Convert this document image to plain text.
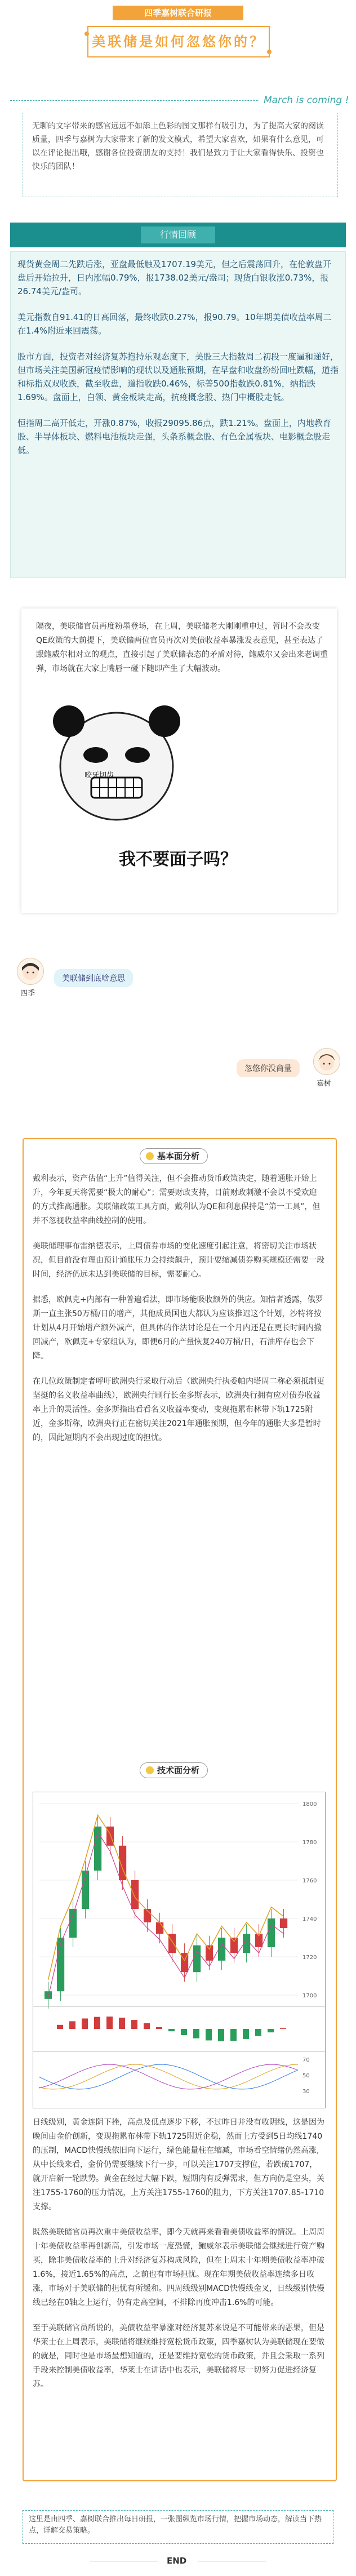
四季嘉树联合研报
美联储是如何忽悠你的？
March is coming !
无聊的文字带来的感官远远不如添上色彩的图文那样有吸引力，为了提高大家的阅读质量，四季与嘉树为大家带来了新的发文模式，希望大家喜欢，如果有什么意见，可以在评论提出哦，感谢各位投资朋友的支持！我们是致力于让大家看得快乐、投资也快乐的团队！
行情回顾

现货黄金周二先跌后涨，亚盘最低触及1707.19美元，但之后震荡回升，在伦敦盘开盘后开始拉升，日内涨幅0.79%，报1738.02美元/盎司；现货白银收涨0.73%，报26.74美元/盎司。

美元指数自91.41的日高回落，最终收跌0.27%，报90.79。10年期美债收益率周二在1.4%附近来回震荡。

股市方面，投资者对经济复苏抱持乐观态度下，美股三大指数周二初段一度逼和递好，但市场关注美国新冠疫情影响的现状以及通胀预期，在早盘和收盘纷纷回吐跌幅，道指和标指双双收跌，截至收盘，道指收跌0.46%，标普500指数跌0.81%，纳指跌1.69%。盘面上，白领、黄金板块走高，抗疫概念股、热门中概股走低。

恒指周二高开低走，开涨0.87%，收报29095.86点，跌1.21%。盘面上，内地教育股、半导体板块、燃料电池板块走强，头条系概念股、有色金属板块、电影概念股走低。

隔夜，美联储官员再度粉墨登场，在上周，美联储老大刚刚重申过，暂时不会改变QE政策的大前提下，美联储两位官员再次对美债收益率暴涨发表意见，甚至表达了跟鲍威尔相对立的观点，直接引起了美联储表态的矛盾对待，鲍威尔又会出来老调重弹，市场就在大家上嘴唇一碰下随即产生了大幅波动。
咬牙切齿
我不要面子吗？
四季
美联储到底啥意思
嘉树
忽悠你没商量
基本面分析

戴利表示，资产估值“上升”值得关注，但不会推动货币政策决定，随着通胀开始上升，今年夏天将需要“极大的耐心”；需要财政支持，目前财政刺激不会以不受欢迎的方式推高通胀。美联储政策工具方面，戴利认为QE和利息保持是“第一工具”，但并不忽视收益率曲线控制的使用。

美联储理事布雷纳德表示，上周债券市场的变化速度引起注意，将密切关注市场状况，但目前没有理由预计通胀压力会持续飙升，预计要缩减债券购买规模还需要一段时间，经济仍远未达到美联储的目标，需要耐心。

据悉，欧佩克+内部有一种普遍看法，即市场能吸收额外的供应。知情者透露，俄罗斯一直主张50万桶/日的增产，其他成员国也大都认为应该推迟这个计划，沙特将按计划从4月开始增产额外减产，但具体的作法讨论是在一个月内还是在更长时间内撤回减产，欧佩克+专家组认为，即便6月的产量恢复240万桶/日，石油库存也会下降。

在几位政策制定者呼吁欧洲央行采取行动后（欧洲央行执委帕内塔周二称必须抵制更坚挺的名义收益率曲线），欧洲央行刷行长金多斯表示，欧洲央行拥有应对债券收益率上升的灵活性。金多斯指出看看名义收益率变动，变现拖累布林带下轨1725附近，金多斯称，欧洲央行正在密切关注2021年通胀预期，但今年的通胀大多是暂时的，因此短期内不会出现过度的担忧。

技术面分析
70
50
30
1800
1780
1760
1740
1720
1700

日线级别，黄金连阴下挫，高点及低点逐步下移，不过昨日并没有收阴线，这是因为晚间由金价创新，变现拖累布林带下轨1725附近企稳，然而上方受到5日均线1740的压制，MACD快慢线依旧向下运行，绿色能量柱在缩减，市场看空情绪仍然高涨,从中长线来看，金价仍需要继续下行一步，可以关注1707支撑位，若跌破1707，就开启新一轮跌势。黄金在经过大幅下跌，短期内有反弹需求，但方向仍是空头，关注1755-1760的压力情况，上方关注1755-1760的阻力，下方关注1707.85-1710支撑。

既然美联储官员再次重申美债收益率，即今天就再来看看美债收益率的情况。上周周十年美债收益率再创新高，引发市场一度恐慌，鲍威尔表示美联储会继续进行资产购买，除非美债收益率的上升对经济复苏构成风险，但在上周末十年期美债收益率冲破1.6%，接近1.65%的高点，之前也有市场担忧。现在年期美债收益率连续多日收涨，市场对于美联储的担忧有所缓和。四周线级别MACD快慢线金叉，日线级别快慢线已经在0轴之上运行，仍有走高空间，不排除再度冲击1.6%的可能。

至于美联储官员所说的，美债收益率暴涨对经济复苏来说是不可能带来的恶果，但是华莱士在上周表示，美联储将继续维持宽松货币政策，四季嘉树认为美联储现在要做的就是，同时也是市场最想知道的，还是要维持宽松的货币政策，并且会采取一系列手段来控制美债收益率，华莱士在讲话中也表示，美联储将尽一切努力促进经济复苏。

这里是由四季、嘉树联合推出每日研报，一张图纵览市场行情，把握市场动态，解读当下热点，详解交易策略。
END
